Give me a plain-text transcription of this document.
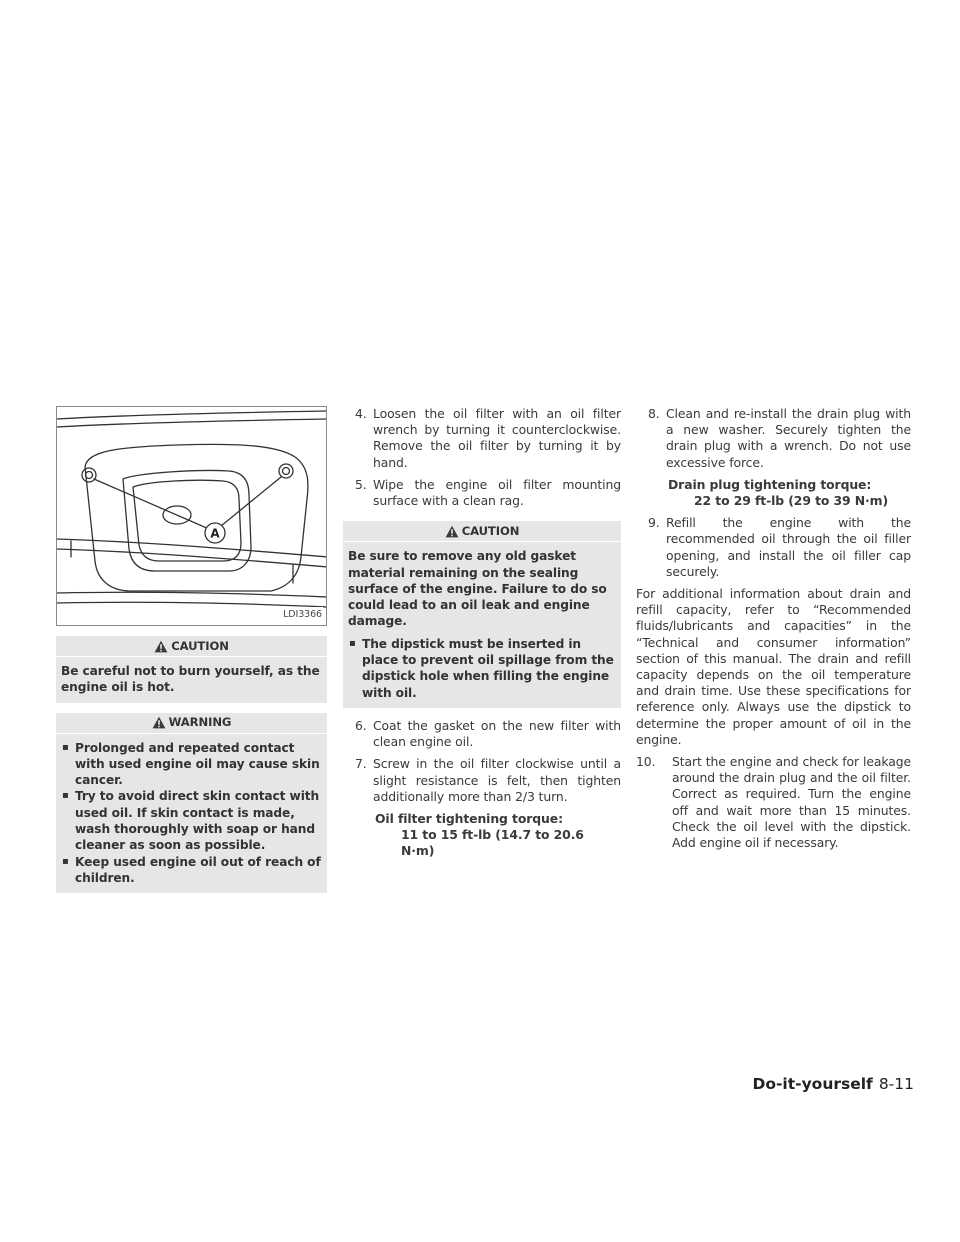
A
LDI3366
CAUTION

Be careful not to burn yourself, as the engine oil is hot.

WARNING

▪ Prolonged and repeated contact with used engine oil may cause skin cancer.

▪ Try to avoid direct skin contact with used oil. If skin contact is made, wash thoroughly with soap or hand cleaner as soon as possible.

▪ Keep used engine oil out of reach of children.

4. Loosen the oil filter with an oil filter wrench by turning it counterclockwise. Remove the oil filter by turning it by hand.
5. Wipe the engine oil filter mounting surface with a clean rag.
CAUTION

Be sure to remove any old gasket material remaining on the sealing surface of the engine. Failure to do so could lead to an oil leak and engine damage.

▪ The dipstick must be inserted in place to prevent oil spillage from the dipstick hole when filling the engine with oil.

6. Coat the gasket on the new filter with clean engine oil.
7. Screw in the oil filter clockwise until a slight resistance is felt, then tighten additionally more than 2/3 turn.
Oil filter tightening torque:
11 to 15 ft-lb (14.7 to 20.6 N·m)
8. Clean and re-install the drain plug with a new washer. Securely tighten the drain plug with a wrench. Do not use excessive force.
Drain plug tightening torque:
22 to 29 ft-lb (29 to 39 N·m)
9. Refill the engine with the recommended oil through the oil filler opening, and install the oil filler cap securely.

For additional information about drain and refill capacity, refer to “Recommended fluids/lubricants and capacities” in the “Technical and consumer information” section of this manual. The drain and refill capacity depends on the oil temperature and drain time. Use these specifications for reference only. Always use the dipstick to determine the proper amount of oil in the engine.

10. Start the engine and check for leakage around the drain plug and the oil filter. Correct as required. Turn the engine off and wait more than 15 minutes. Check the oil level with the dipstick. Add engine oil if necessary.
Do-it-yourself 8-11
